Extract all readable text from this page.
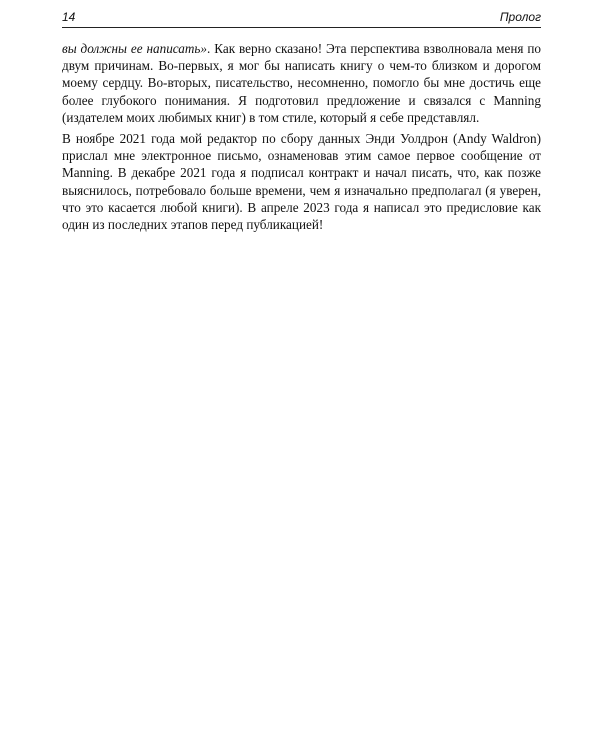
14	Пролог

вы должны ее написать». Как верно сказано! Эта перспектива взволновала меня по двум причинам. Во-первых, я мог бы написать книгу о чем-то близком и дорогом моему сердцу. Во-вторых, писательство, несомненно, помогло бы мне достичь еще более глубокого понимания. Я подготовил предложение и связался с Manning (издателем моих любимых книг) в том стиле, который я себе представлял.

В ноябре 2021 года мой редактор по сбору данных Энди Уолдрон (Andy Waldron) прислал мне электронное письмо, ознаменовав этим самое первое сообщение от Manning. В декабре 2021 года я подписал контракт и начал писать, что, как позже выяснилось, потребовало больше времени, чем я изначально предполагал (я уверен, что это касается любой книги). В апреле 2023 года я написал это предисловие как один из последних этапов перед публикацией!
